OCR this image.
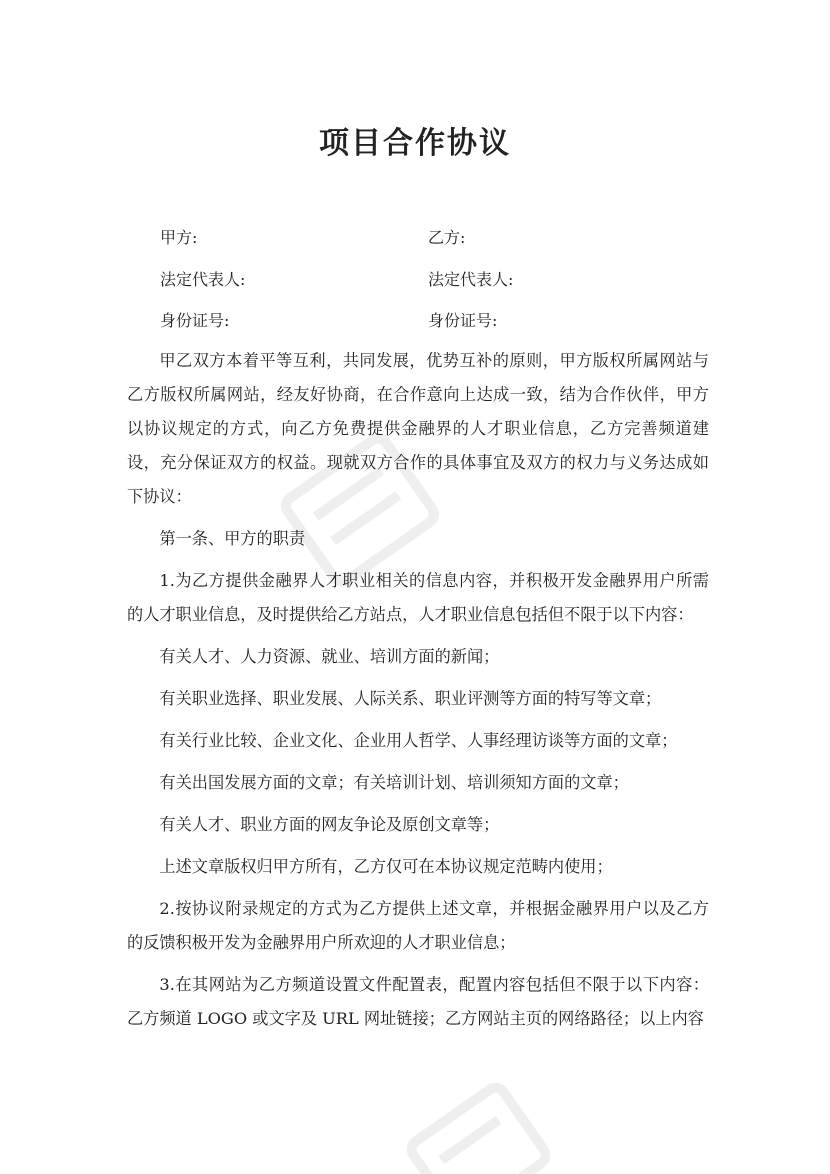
项目合作协议
甲方:	乙方:
法定代表人:	法定代表人:
身份证号:	身份证号:

甲乙双方本着平等互利，共同发展，优势互补的原则，甲方版权所属网站与乙方版权所属网站，经友好协商，在合作意向上达成一致，结为合作伙伴，甲方以协议规定的方式，向乙方免费提供金融界的人才职业信息，乙方完善频道建设，充分保证双方的权益。现就双方合作的具体事宜及双方的权力与义务达成如下协议：

第一条、甲方的职责

1.为乙方提供金融界人才职业相关的信息内容，并积极开发金融界用户所需的人才职业信息，及时提供给乙方站点，人才职业信息包括但不限于以下内容：

有关人才、人力资源、就业、培训方面的新闻；

有关职业选择、职业发展、人际关系、职业评测等方面的特写等文章；

有关行业比较、企业文化、企业用人哲学、人事经理访谈等方面的文章；

有关出国发展方面的文章；有关培训计划、培训须知方面的文章；

有关人才、职业方面的网友争论及原创文章等；

上述文章版权归甲方所有，乙方仅可在本协议规定范畴内使用；

2.按协议附录规定的方式为乙方提供上述文章，并根据金融界用户以及乙方的反馈积极开发为金融界用户所欢迎的人才职业信息；

3.在其网站为乙方频道设置文件配置表，配置内容包括但不限于以下内容：乙方频道 LOGO 或文字及 URL 网址链接；乙方网站主页的网络路径；以上内容
